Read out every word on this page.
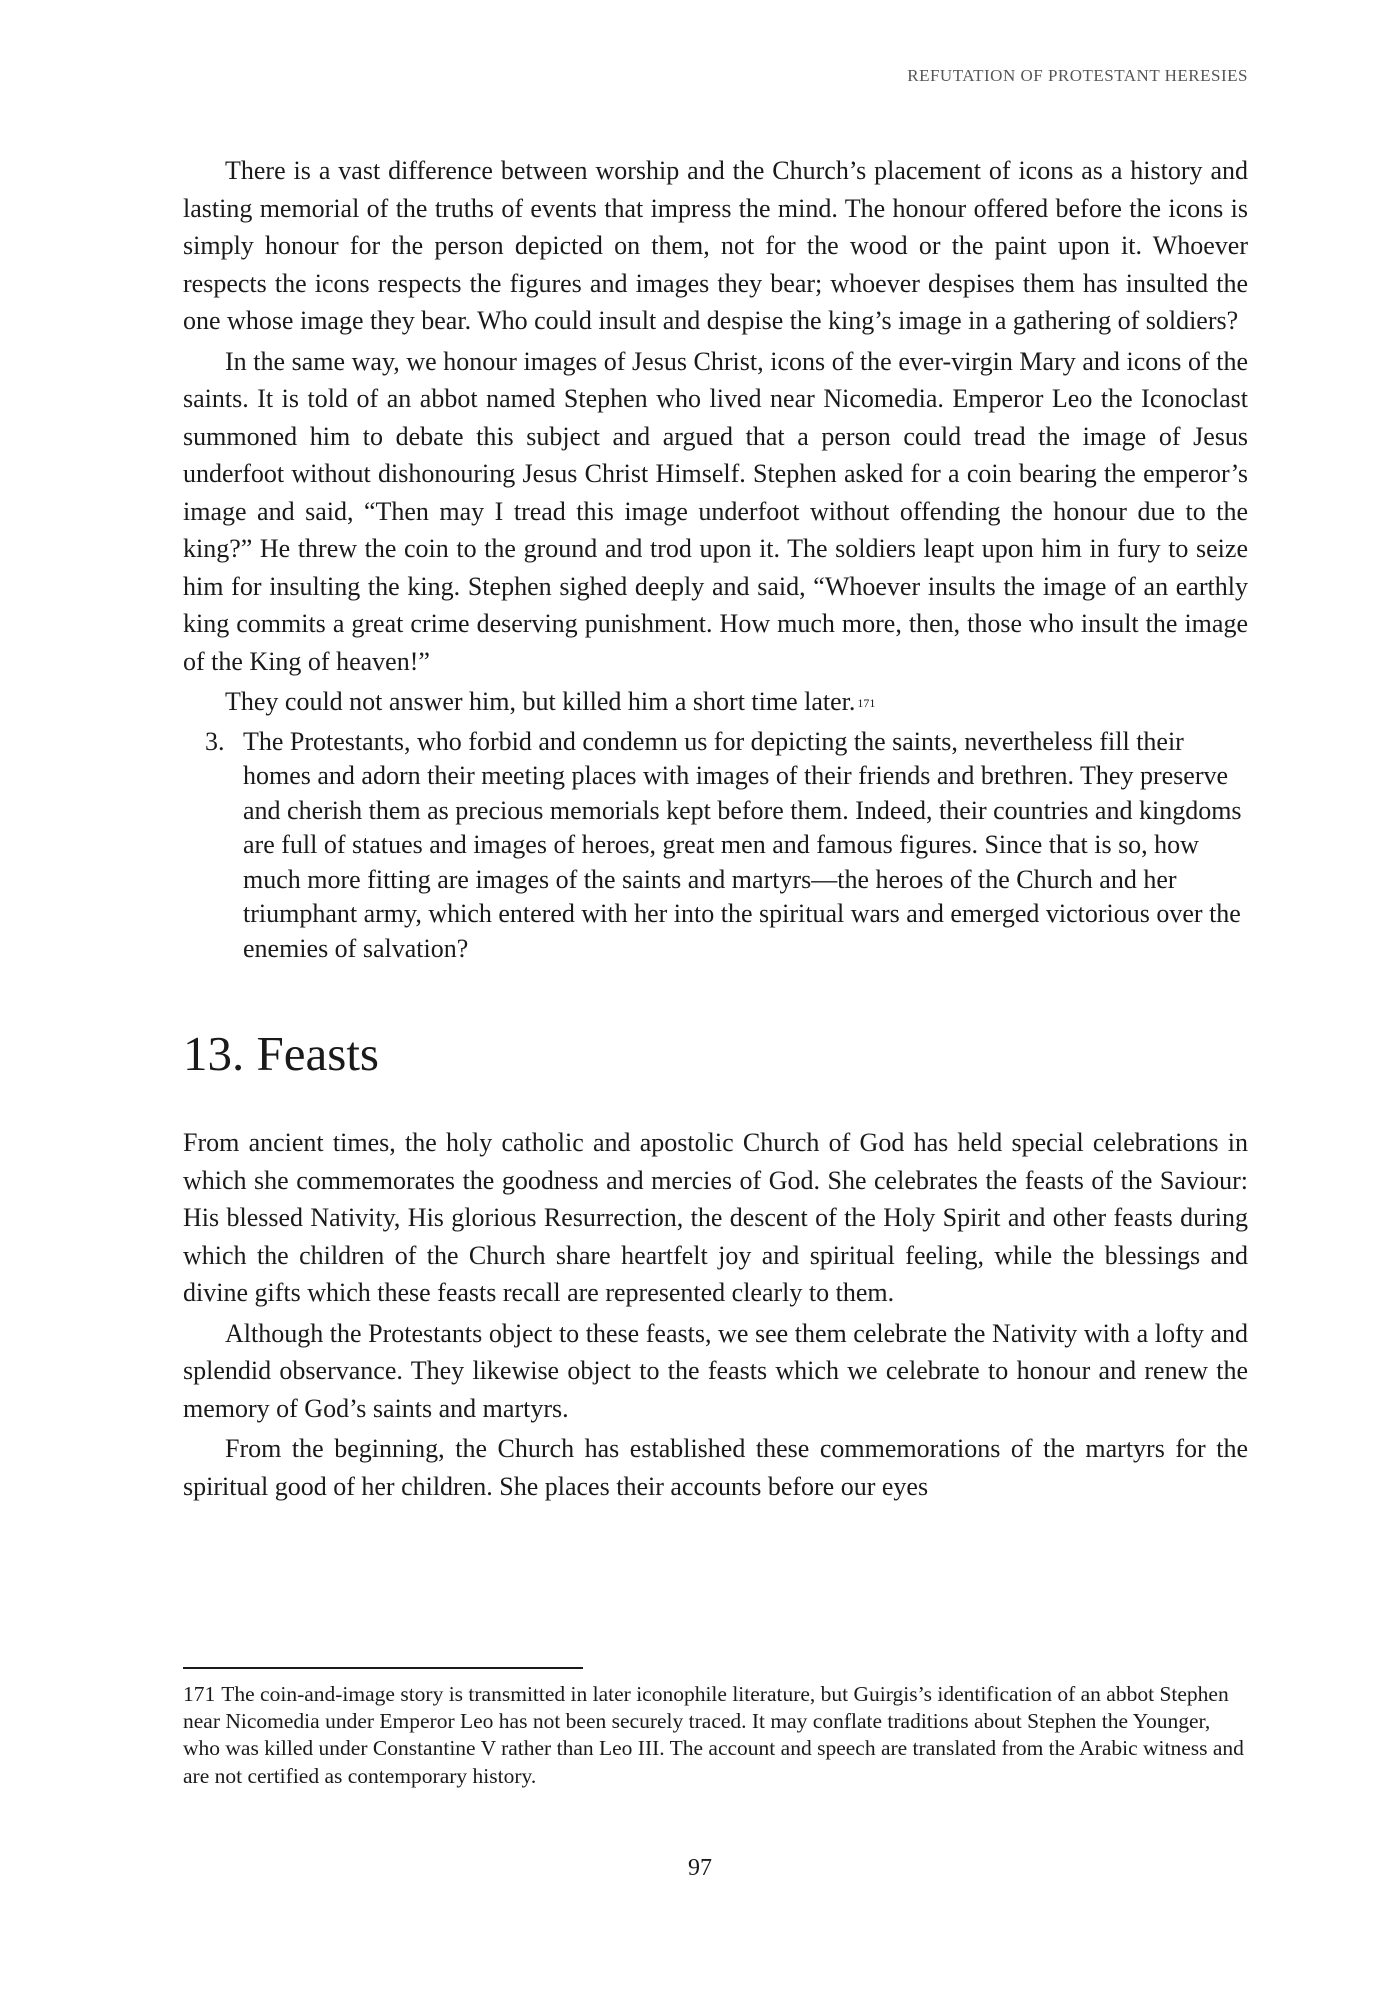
REFUTATION OF PROTESTANT HERESIES

There is a vast difference between worship and the Church’s placement of icons as a history and lasting memorial of the truths of events that impress the mind. The honour offered before the icons is simply honour for the person depicted on them, not for the wood or the paint upon it. Whoever respects the icons respects the figures and images they bear; whoever despises them has insulted the one whose image they bear. Who could insult and despise the king’s image in a gathering of soldiers?

In the same way, we honour images of Jesus Christ, icons of the ever-virgin Mary and icons of the saints. It is told of an abbot named Stephen who lived near Nicomedia. Emperor Leo the Iconoclast summoned him to debate this subject and argued that a person could tread the image of Jesus underfoot without dishonouring Jesus Christ Himself. Stephen asked for a coin bearing the emperor’s image and said, “Then may I tread this image underfoot without offending the honour due to the king?” He threw the coin to the ground and trod upon it. The soldiers leapt upon him in fury to seize him for insulting the king. Stephen sighed deeply and said, “Whoever insults the image of an earthly king commits a great crime deserving punishment. How much more, then, those who insult the image of the King of heaven!”

They could not answer him, but killed him a short time later. $^{171}$

3. The Protestants, who forbid and condemn us for depicting the saints, nevertheless fill their homes and adorn their meeting places with images of their friends and brethren. They preserve and cherish them as precious memorials kept before them. Indeed, their countries and kingdoms are full of statues and images of heroes, great men and famous figures. Since that is so, how much more fitting are images of the saints and martyrs—the heroes of the Church and her triumphant army, which entered with her into the spiritual wars and emerged victorious over the enemies of salvation?
13. Feasts

From ancient times, the holy catholic and apostolic Church of God has held special celebrations in which she commemorates the goodness and mercies of God. She celebrates the feasts of the Saviour: His blessed Nativity, His glorious Resurrection, the descent of the Holy Spirit and other feasts during which the children of the Church share heartfelt joy and spiritual feeling, while the blessings and divine gifts which these feasts recall are represented clearly to them.

Although the Protestants object to these feasts, we see them celebrate the Nativity with a lofty and splendid observance. They likewise object to the feasts which we celebrate to honour and renew the memory of God’s saints and martyrs.

From the beginning, the Church has established these commemorations of the martyrs for the spiritual good of her children. She places their accounts before our eyes

171 The coin-and-image story is transmitted in later iconophile literature, but Guirgis’s identification of an abbot Stephen near Nicomedia under Emperor Leo has not been securely traced. It may conflate traditions about Stephen the Younger, who was killed under Constantine V rather than Leo III. The account and speech are translated from the Arabic witness and are not certified as contemporary history.
97
